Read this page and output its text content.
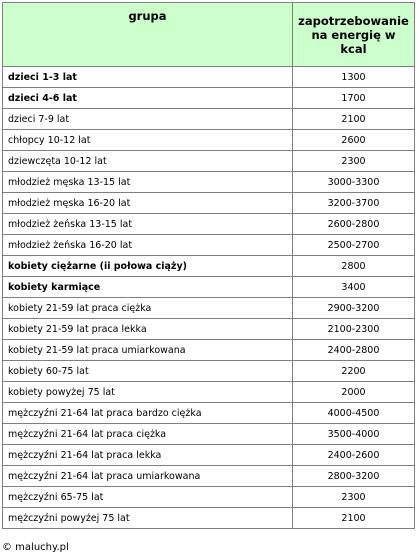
grupa	zapotrzebowanie na energię w kcal
dzieci 1-3 lat	1300
dzieci 4-6 lat	1700
dzieci 7-9 lat	2100
chłopcy 10-12 lat	2600
dziewczęta 10-12 lat	2300
młodzież męska 13-15 lat	3000-3300
młodzież męska 16-20 lat	3200-3700
młodzież żeńska 13-15 lat	2600-2800
młodzież żeńska 16-20 lat	2500-2700
kobiety ciężarne (ii połowa ciąży)	2800
kobiety karmiące	3400
kobiety 21-59 lat praca ciężka	2900-3200
kobiety 21-59 lat praca lekka	2100-2300
kobiety 21-59 lat praca umiarkowana	2400-2800
kobiety 60-75 lat	2200
kobiety powyżej 75 lat	2000
mężczyźni 21-64 lat praca bardzo ciężka	4000-4500
mężczyźni 21-64 lat praca ciężka	3500-4000
mężczyźni 21-64 lat praca lekka	2400-2600
mężczyźni 21-64 lat praca umiarkowana	2800-3200
mężczyźni 65-75 lat	2300
mężczyźni powyżej 75 lat	2100
© maluchy.pl
